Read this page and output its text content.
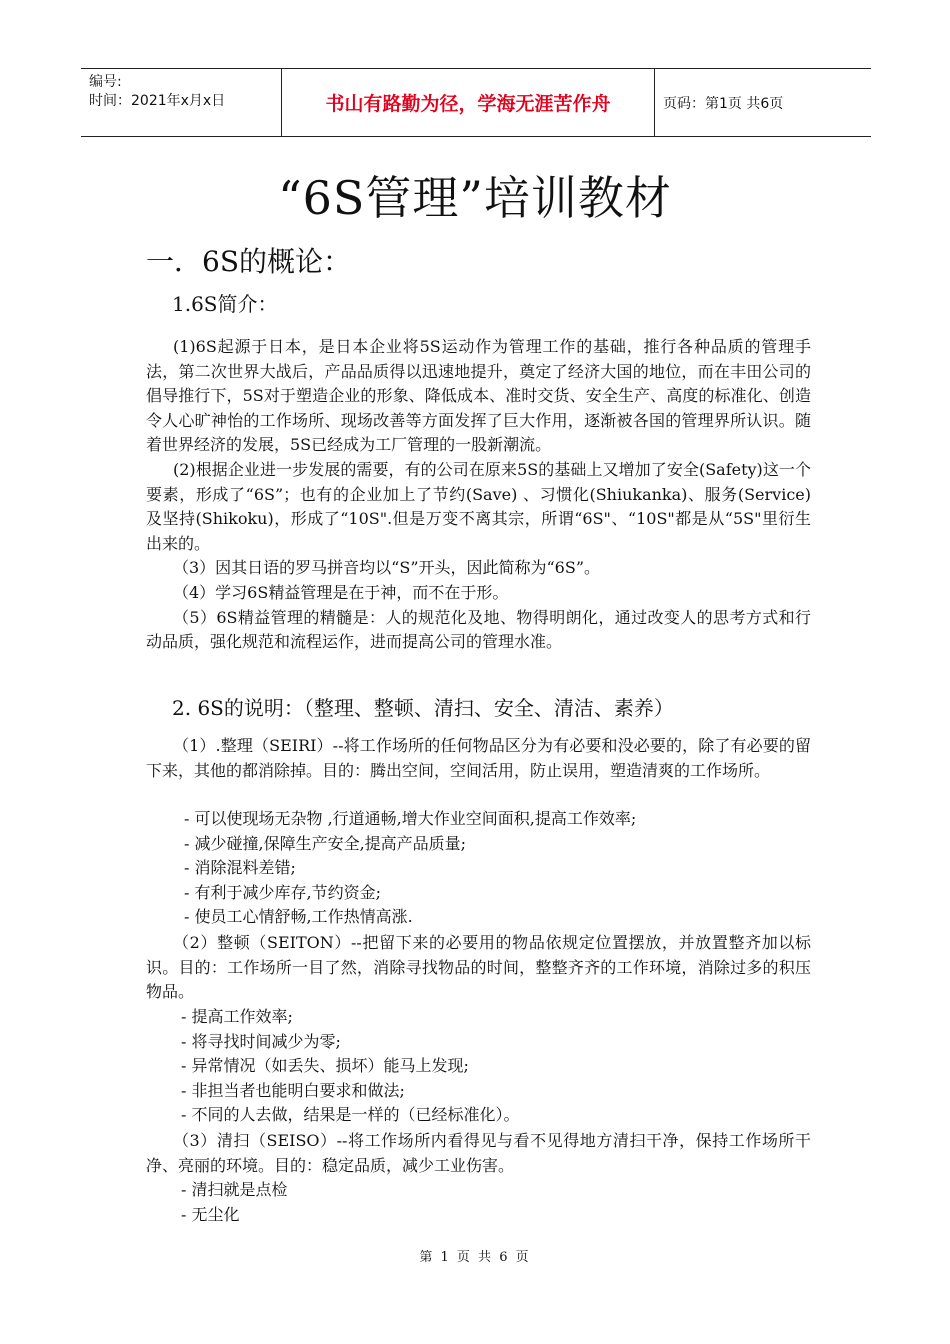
编号:
时间：2021年x月x日	书山有路勤为径，学海无涯苦作舟	页码：第1页 共6页
“6S管理”培训教材
一．6S的概论：
1.6S简介：

(1)6S起源于日本，是日本企业将5S运动作为管理工作的基础，推行各种品质的管理手法，第二次世界大战后，产品品质得以迅速地提升，奠定了经济大国的地位，而在丰田公司的倡导推行下，5S对于塑造企业的形象、降低成本、准时交货、安全生产、高度的标准化、创造令人心旷神怡的工作场所、现场改善等方面发挥了巨大作用，逐渐被各国的管理界所认识。随着世界经济的发展，5S已经成为工厂管理的一股新潮流。

(2)根据企业进一步发展的需要，有的公司在原来5S的基础上又增加了安全(Safety)这一个要素，形成了“6S”；也有的企业加上了节约(Save) 、习惯化(Shiukanka)、服务(Service)及坚持(Shikoku)，形成了“10S".但是万变不离其宗，所谓“6S"、“10S"都是从“5S"里衍生出来的。

（3）因其日语的罗马拼音均以“S”开头，因此简称为“6S”。

（4）学习6S精益管理是在于神，而不在于形。

（5）6S精益管理的精髓是：人的规范化及地、物得明朗化，通过改变人的思考方式和行动品质，强化规范和流程运作，进而提高公司的管理水准。

2. 6S的说明：（整理、整顿、清扫、安全、清洁、素养）

（1）.整理（SEIRI）--将工作场所的任何物品区分为有必要和没必要的，除了有必要的留下来，其他的都消除掉。目的：腾出空间，空间活用，防止误用，塑造清爽的工作场所。

- 可以使现场无杂物 ,行道通畅,增大作业空间面积,提高工作效率;
- 减少碰撞,保障生产安全,提高产品质量;
- 消除混料差错;
- 有利于减少库存,节约资金;
- 使员工心情舒畅,工作热情高涨.

（2）整顿（SEITON）--把留下来的必要用的物品依规定位置摆放，并放置整齐加以标识。目的：工作场所一目了然，消除寻找物品的时间，整整齐齐的工作环境，消除过多的积压物品。

- 提高工作效率;
- 将寻找时间减少为零;
- 异常情况（如丢失、损坏）能马上发现;
- 非担当者也能明白要求和做法;
- 不同的人去做，结果是一样的（已经标准化）。

（3）清扫（SEISO）--将工作场所内看得见与看不见得地方清扫干净，保持工作场所干净、亮丽的环境。目的：稳定品质，减少工业伤害。

- 清扫就是点检
- 无尘化
第 1 页 共 6 页
